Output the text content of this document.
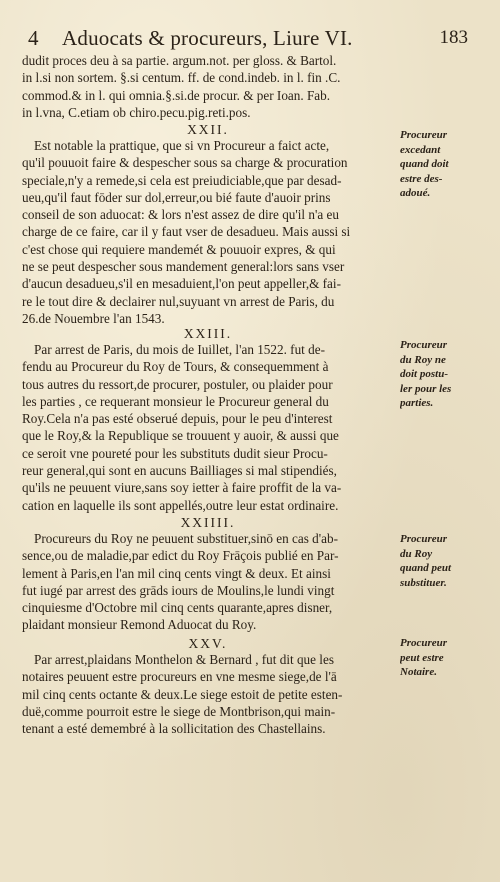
4 Aduocats & procureurs, Liure VI.	183
dudit proces deu à sa partie. argum.not. per gloss. & Bartol.
in l.si non sortem. §.si centum. ff. de cond.indeb. in l. fin .C.
commod.& in l. qui omnia.§.si.de procur. & per Ioan. Fab.
in l.vna, C.etiam ob chiro.pecu.pig.reti.pos.
XXII.
Est notable la prattique, que si vn Procureur a faict acte,
qu'il pouuoit faire & despescher sous sa charge & procuration
speciale,n'y a remede,si cela est preiudiciable,que par desad-
ueu,qu'il faut fōder sur dol,erreur,ou bié faute d'auoir prins
conseil de son aduocat: & lors n'est assez de dire qu'il n'a eu
charge de ce faire, car il y faut vser de desadueu. Mais aussi si
c'est chose qui requiere mandemét & pouuoir expres, & qui
ne se peut despescher sous mandement general:lors sans vser
d'aucun desadueu,s'il en mesaduient,l'on peut appeller,& fai-
re le tout dire & declairer nul,suyuant vn arrest de Paris, du
26.de Nouembre l'an 1543.
Procureur
excedant
quand doit
estre des-
adoué.
XXIII.
Par arrest de Paris, du mois de Iuillet, l'an 1522. fut de-
fendu au Procureur du Roy de Tours, & consequemment à
tous autres du ressort,de procurer, postuler, ou plaider pour
les parties , ce requerant monsieur le Procureur general du
Roy.Cela n'a pas esté obserué depuis, pour le peu d'interest
que le Roy,& la Republique se trouuent y auoir, & aussi que
ce seroit vne poureté pour les substituts dudit sieur Procu-
reur general,qui sont en aucuns Bailliages si mal stipendiés,
qu'ils ne peuuent viure,sans soy ietter à faire proffit de la va-
cation en laquelle ils sont appellés,outre leur estat ordinaire.
Procureur
du Roy ne
doit postu-
ler pour les
parties.
XXIIII.
Procureurs du Roy ne peuuent substituer,sinō en cas d'ab-
sence,ou de maladie,par edict du Roy Frāçois publié en Par-
lement à Paris,en l'an mil cinq cents vingt & deux. Et ainsi
fut iugé par arrest des grāds iours de Moulins,le lundi vingt
cinquiesme d'Octobre mil cinq cents quarante,apres disner,
plaidant monsieur Remond Aduocat du Roy.
Procureur
du Roy
quand peut
substituer.
XXV.
Par arrest,plaidans Monthelon & Bernard , fut dit que les
notaires peuuent estre procureurs en vne mesme siege,de l'ā
mil cinq cents octante & deux.Le siege estoit de petite esten-
duë,comme pourroit estre le siege de Montbrison,qui main-
tenant a esté demembré à la sollicitation des Chastellains.
Procureur
peut estre
Notaire.
